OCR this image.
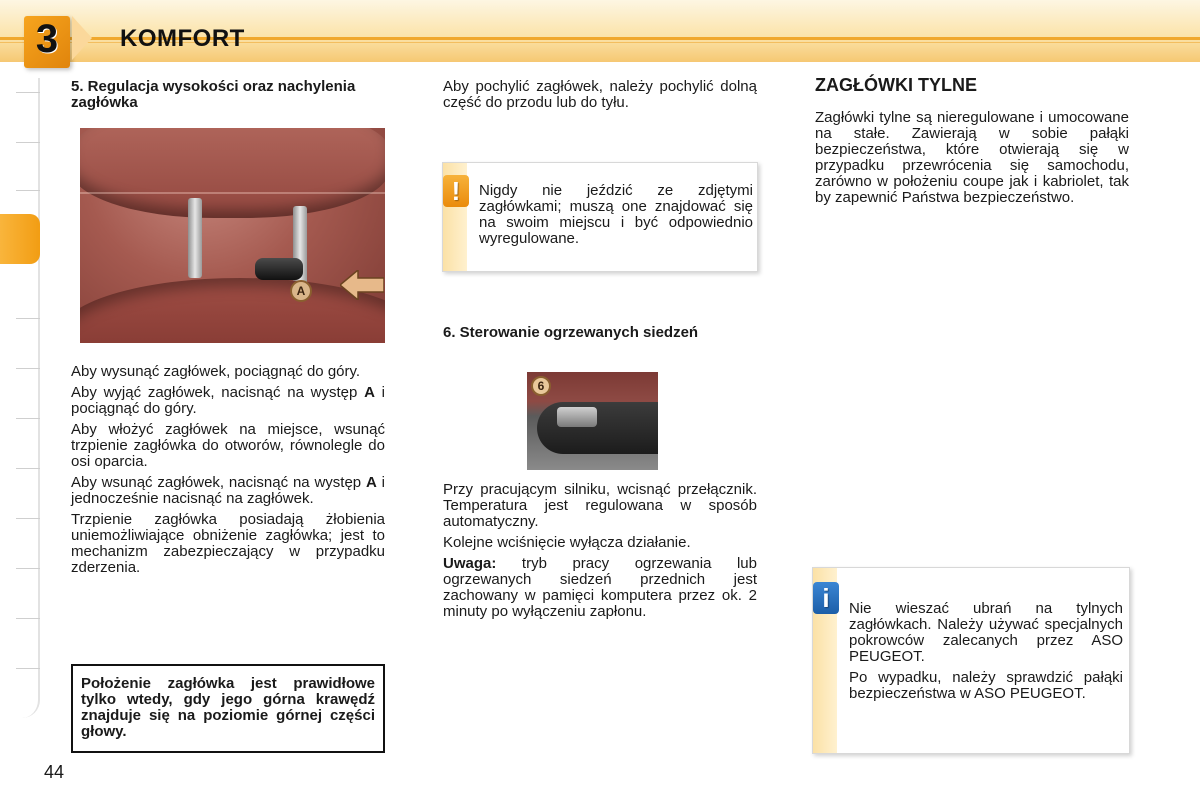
3	KOMFORT
5. Regulacja wysokości oraz nachylenia zagłówka
A

Aby wysunąć zagłówek, pociągnąć do góry.

Aby wyjąć zagłówek, nacisnąć na występ A i pociągnąć do góry.

Aby włożyć zagłówek na miejsce, wsunąć trzpienie zagłówka do otworów, równolegle do osi oparcia.

Aby wsunąć zagłówek, nacisnąć na występ A i jednocześnie nacisnąć na zagłówek.

Trzpienie zagłówka posiadają żłobienia uniemożliwiające obniżenie zagłówka; jest to mechanizm zabezpieczający w przypadku zderzenia.

Położenie zagłówka jest prawidłowe tylko wtedy, gdy jego górna krawędź znajduje się na poziomie górnej części głowy.
Aby pochylić zagłówek, należy pochylić dolną część do przodu lub do tyłu.
!	Nigdy nie jeździć ze zdjętymi zagłówkami; muszą one znajdować się na swoim miejscu i być odpowiednio wyregulowane.
6. Sterowanie ogrzewanych siedzeń
6

Przy pracującym silniku, wcisnąć przełącznik. Temperatura jest regulowana w sposób automatyczny.

Kolejne wciśnięcie wyłącza działanie.

Uwaga: tryb pracy ogrzewania lub ogrzewanych siedzeń przednich jest zachowany w pamięci komputera przez ok. 2 minuty po wyłączeniu zapłonu.

ZAGŁÓWKI TYLNE
Zagłówki tylne są nieregulowane i umocowane na stałe. Zawierają w sobie pałąki bezpieczeństwa, które otwierają się w przypadku przewrócenia się samochodu, zarówno w położeniu coupe jak i kabriolet, tak by zapewnić Państwa bezpieczeństwo.
i	Nie wieszać ubrań na tylnych zagłówkach. Należy używać specjalnych pokrowców zalecanych przez ASO PEUGEOT.

Po wypadku, należy sprawdzić pałąki bezpieczeństwa w ASO PEUGEOT.

44
